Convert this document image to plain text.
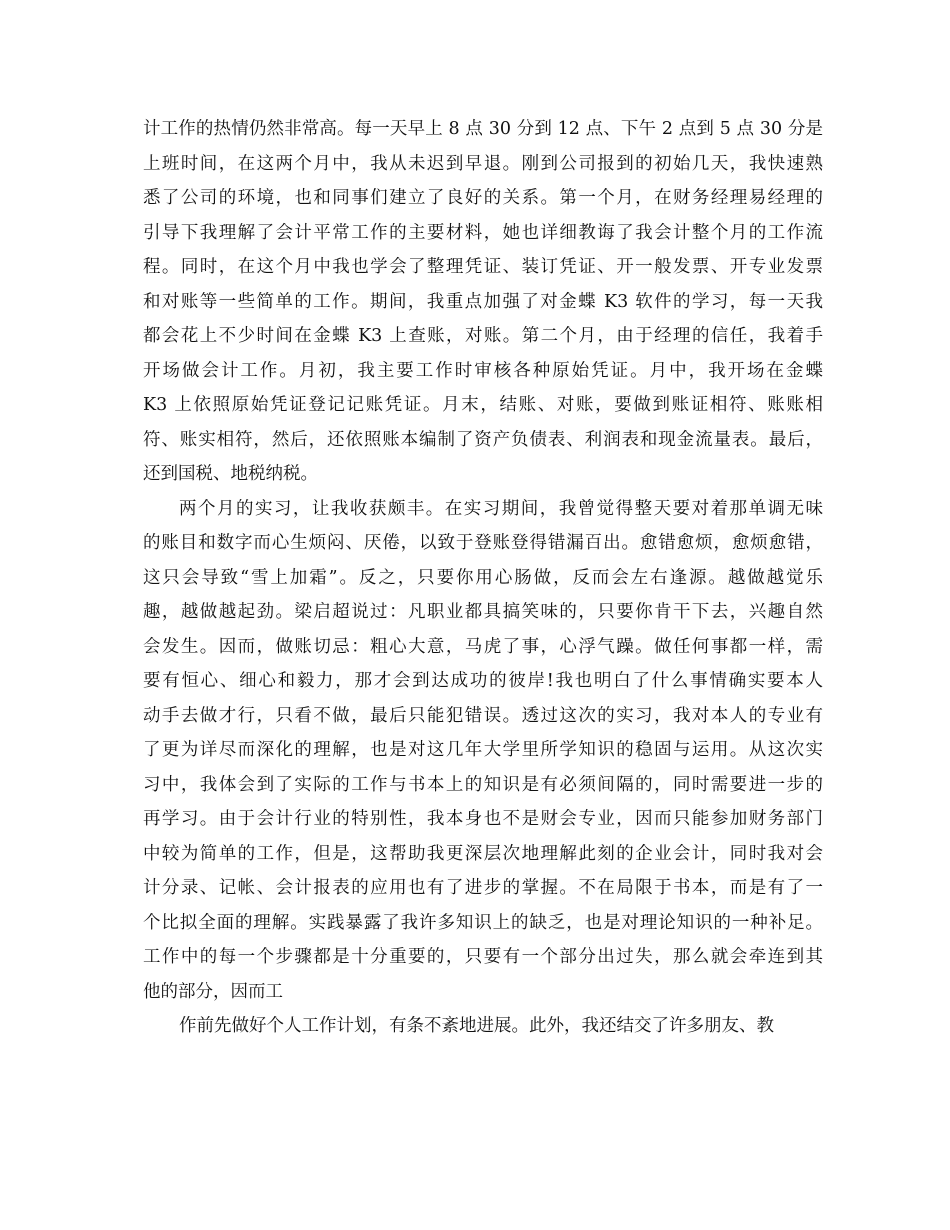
计工作的热情仍然非常高。每一天早上 8 点 30 分到 12 点、下午 2 点到 5 点 30 分是
上班时间，在这两个月中，我从未迟到早退。刚到公司报到的初始几天，我快速熟
悉了公司的环境，也和同事们建立了良好的关系。第一个月，在财务经理易经理的
引导下我理解了会计平常工作的主要材料，她也详细教诲了我会计整个月的工作流
程。同时，在这个月中我也学会了整理凭证、装订凭证、开一般发票、开专业发票
和对账等一些简单的工作。期间，我重点加强了对金蝶 K3 软件的学习，每一天我
都会花上不少时间在金蝶 K3 上查账，对账。第二个月，由于经理的信任，我着手
开场做会计工作。月初，我主要工作时审核各种原始凭证。月中，我开场在金蝶
K3 上依照原始凭证登记记账凭证。月末，结账、对账，要做到账证相符、账账相
符、账实相符，然后，还依照账本编制了资产负债表、利润表和现金流量表。最后，
还到国税、地税纳税。
两个月的实习，让我收获颇丰。在实习期间，我曾觉得整天要对着那单调无味
的账目和数字而心生烦闷、厌倦，以致于登账登得错漏百出。愈错愈烦，愈烦愈错，
这只会导致“雪上加霜”。反之，只要你用心肠做，反而会左右逢源。越做越觉乐
趣，越做越起劲。梁启超说过：凡职业都具搞笑味的，只要你肯干下去，兴趣自然
会发生。因而，做账切忌：粗心大意，马虎了事，心浮气躁。做任何事都一样，需
要有恒心、细心和毅力，那才会到达成功的彼岸!我也明白了什么事情确实要本人
动手去做才行，只看不做，最后只能犯错误。透过这次的实习，我对本人的专业有
了更为详尽而深化的理解，也是对这几年大学里所学知识的稳固与运用。从这次实
习中，我体会到了实际的工作与书本上的知识是有必须间隔的，同时需要进一步的
再学习。由于会计行业的特别性，我本身也不是财会专业，因而只能参加财务部门
中较为简单的工作，但是，这帮助我更深层次地理解此刻的企业会计，同时我对会
计分录、记帐、会计报表的应用也有了进步的掌握。不在局限于书本，而是有了一
个比拟全面的理解。实践暴露了我许多知识上的缺乏，也是对理论知识的一种补足。
工作中的每一个步骤都是十分重要的，只要有一个部分出过失，那么就会牵连到其
他的部分，因而工
作前先做好个人工作计划，有条不紊地进展。此外，我还结交了许多朋友、教
